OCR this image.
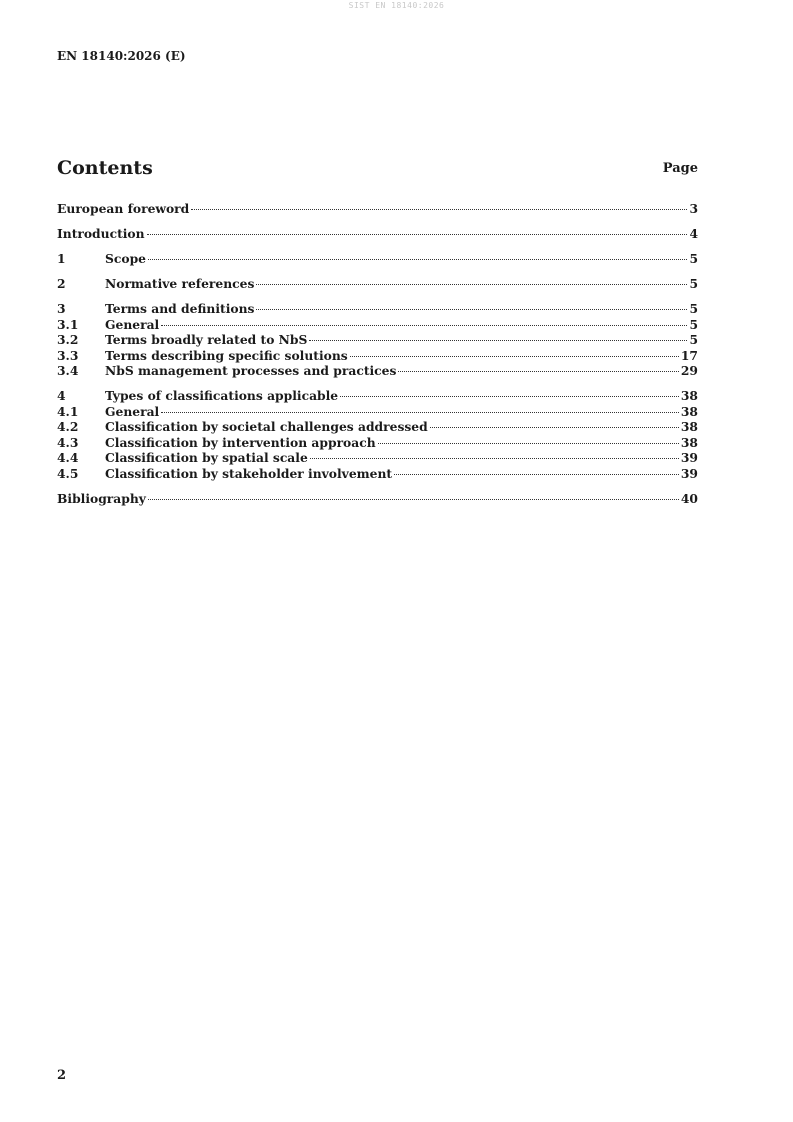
SIST EN 18140:2026
EN 18140:2026 (E)
Contents	Page
European foreword	3
Introduction	4
1	Scope	5
2	Normative references	5
3	Terms and definitions	5
3.1	General	5
3.2	Terms broadly related to NbS	5
3.3	Terms describing specific solutions	17
3.4	NbS management processes and practices	29
4	Types of classifications applicable	38
4.1	General	38
4.2	Classification by societal challenges addressed	38
4.3	Classification by intervention approach	38
4.4	Classification by spatial scale	39
4.5	Classification by stakeholder involvement	39
Bibliography	40
2
